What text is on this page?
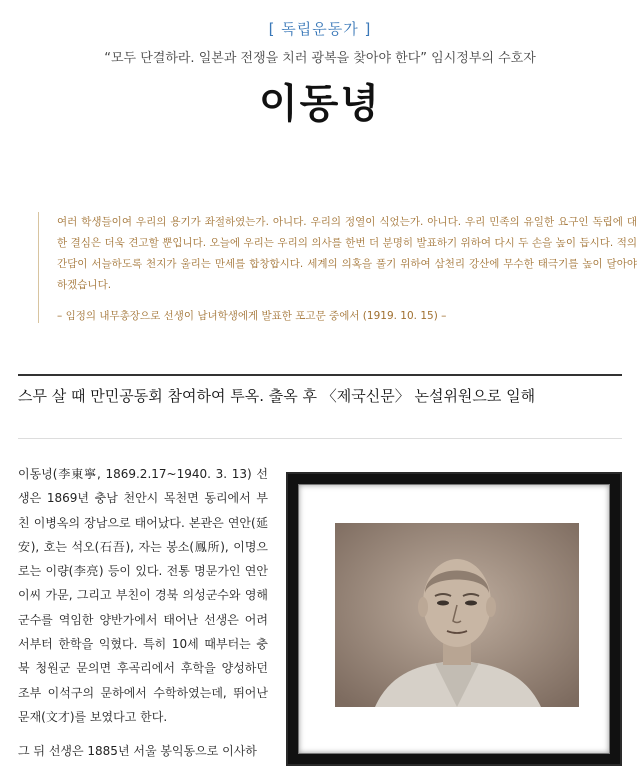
[ 독립운동가 ]
“모두 단결하라. 일본과 전쟁을 치러 광복을 찾아야 한다” 임시정부의 수호자
이동녕

여러 학생들이여 우리의 용기가 좌절하였는가. 아니다. 우리의 정열이 식었는가. 아니다. 우리 민족의 유일한 요구인 독립에 대한 결심은 더욱 견고할 뿐입니다. 오늘에 우리는 우리의 의사를 한번 더 분명히 발표하기 위하여 다시 두 손을 높이 듭시다. 적의 간담이 서늘하도록 천지가 울리는 만세를 합창합시다. 세계의 의혹을 풀기 위하여 삼천리 강산에 무수한 태극기를 높이 달아야 하겠습니다.

– 임정의 내무총장으로 선생이 남녀학생에게 발표한 포고문 중에서 (1919. 10. 15) –
스무 살 때 만민공동회 참여하여 투옥. 출옥 후 〈제국신문〉 논설위원으로 일해

이동녕(李東寧, 1869.2.17~1940. 3. 13) 선생은 1869년 충남 천안시 목천면 동리에서 부친 이병옥의 장남으로 태어났다. 본관은 연안(延安), 호는 석오(石吾), 자는 봉소(鳳所), 이명으로는 이량(李亮) 등이 있다. 전통 명문가인 연안 이씨 가문, 그리고 부친이 경북 의성군수와 영해군수를 역임한 양반가에서 태어난 선생은 어려서부터 한학을 익혔다. 특히 10세 때부터는 충북 청원군 문의면 후곡리에서 후학을 양성하던 조부 이석구의 문하에서 수학하였는데, 뛰어난 문재(文才)를 보였다고 한다.

그 뒤 선생은 1885년 서울 봉익동으로 이사하
